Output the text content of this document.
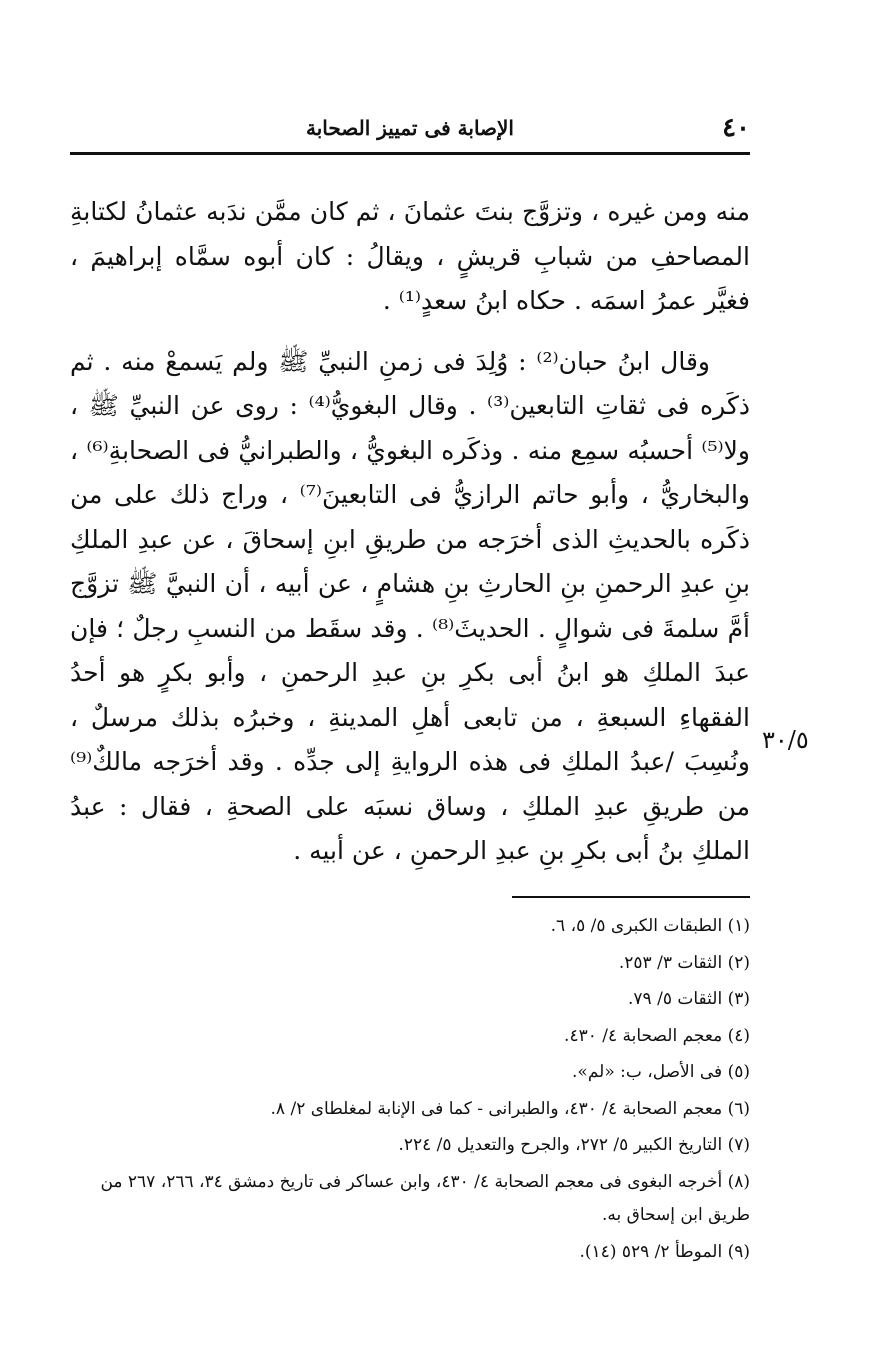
٤٠
الإصابة فى تمييز الصحابة

منه ومن غيره ، وتزوَّج بنتَ عثمانَ ، ثم كان ممَّن ندَبه عثمانُ لكتابةِ المصاحفِ من شبابِ قريشٍ ، ويقالُ : كان أبوه سمَّاه إبراهيمَ ، فغيَّر عمرُ اسمَه . حكاه ابنُ سعدٍ⁽¹⁾ .

وقال ابنُ حبان⁽²⁾ : وُلِدَ فى زمنِ النبيِّ ﷺ ولم يَسمعْ منه . ثم ذكَره فى ثقاتِ التابعين⁽³⁾ . وقال البغويُّ⁽⁴⁾ : روى عن النبيِّ ﷺ ، ولا⁽⁵⁾ أحسبُه سمِع منه . وذكَره البغويُّ ، والطبرانيُّ فى الصحابةِ⁽⁶⁾ ، والبخاريُّ ، وأبو حاتم الرازيُّ فى التابعينَ⁽⁷⁾ ، وراج ذلك على من ذكَره بالحديثِ الذى أخرَجه من طريقِ ابنِ إسحاقَ ، عن عبدِ الملكِ بنِ عبدِ الرحمنِ بنِ الحارثِ بنِ هشامٍ ، عن أبيه ، أن النبيَّ ﷺ تزوَّج أمَّ سلمةَ فى شوالٍ . الحديثَ⁽⁸⁾ . وقد سقَط من النسبِ رجلٌ ؛ فإن عبدَ الملكِ هو ابنُ أبى بكرِ بنِ عبدِ الرحمنِ ، وأبو بكرٍ هو أحدُ الفقهاءِ السبعةِ ، من تابعى أهلِ المدينةِ ، وخبرُه بذلك مرسلٌ ، ونُسِبَ /عبدُ الملكِ فى هذه الروايةِ إلى جدِّه . وقد أخرَجه مالكٌ⁽⁹⁾ من طريقِ عبدِ الملكِ ، وساق نسبَه على الصحةِ ، فقال : عبدُ الملكِ بنُ أبى بكرِ بنِ عبدِ الرحمنِ ، عن أبيه .

٣٠/٥
(١) الطبقات الكبرى ٥/ ٥، ٦.
(٢) الثقات ٣/ ٢٥٣.
(٣) الثقات ٥/ ٧٩.
(٤) معجم الصحابة ٤/ ٤٣٠.
(٥) فى الأصل، ب: «لم».
(٦) معجم الصحابة ٤/ ٤٣٠، والطبرانى - كما فى الإنابة لمغلطاى ٢/ ٨.
(٧) التاريخ الكبير ٥/ ٢٧٢، والجرح والتعديل ٥/ ٢٢٤.
(٨) أخرجه البغوى فى معجم الصحابة ٤/ ٤٣٠، وابن عساكر فى تاريخ دمشق ٣٤، ٢٦٦، ٢٦٧ من طريق ابن إسحاق به.
(٩) الموطأ ٢/ ٥٢٩ (١٤).
